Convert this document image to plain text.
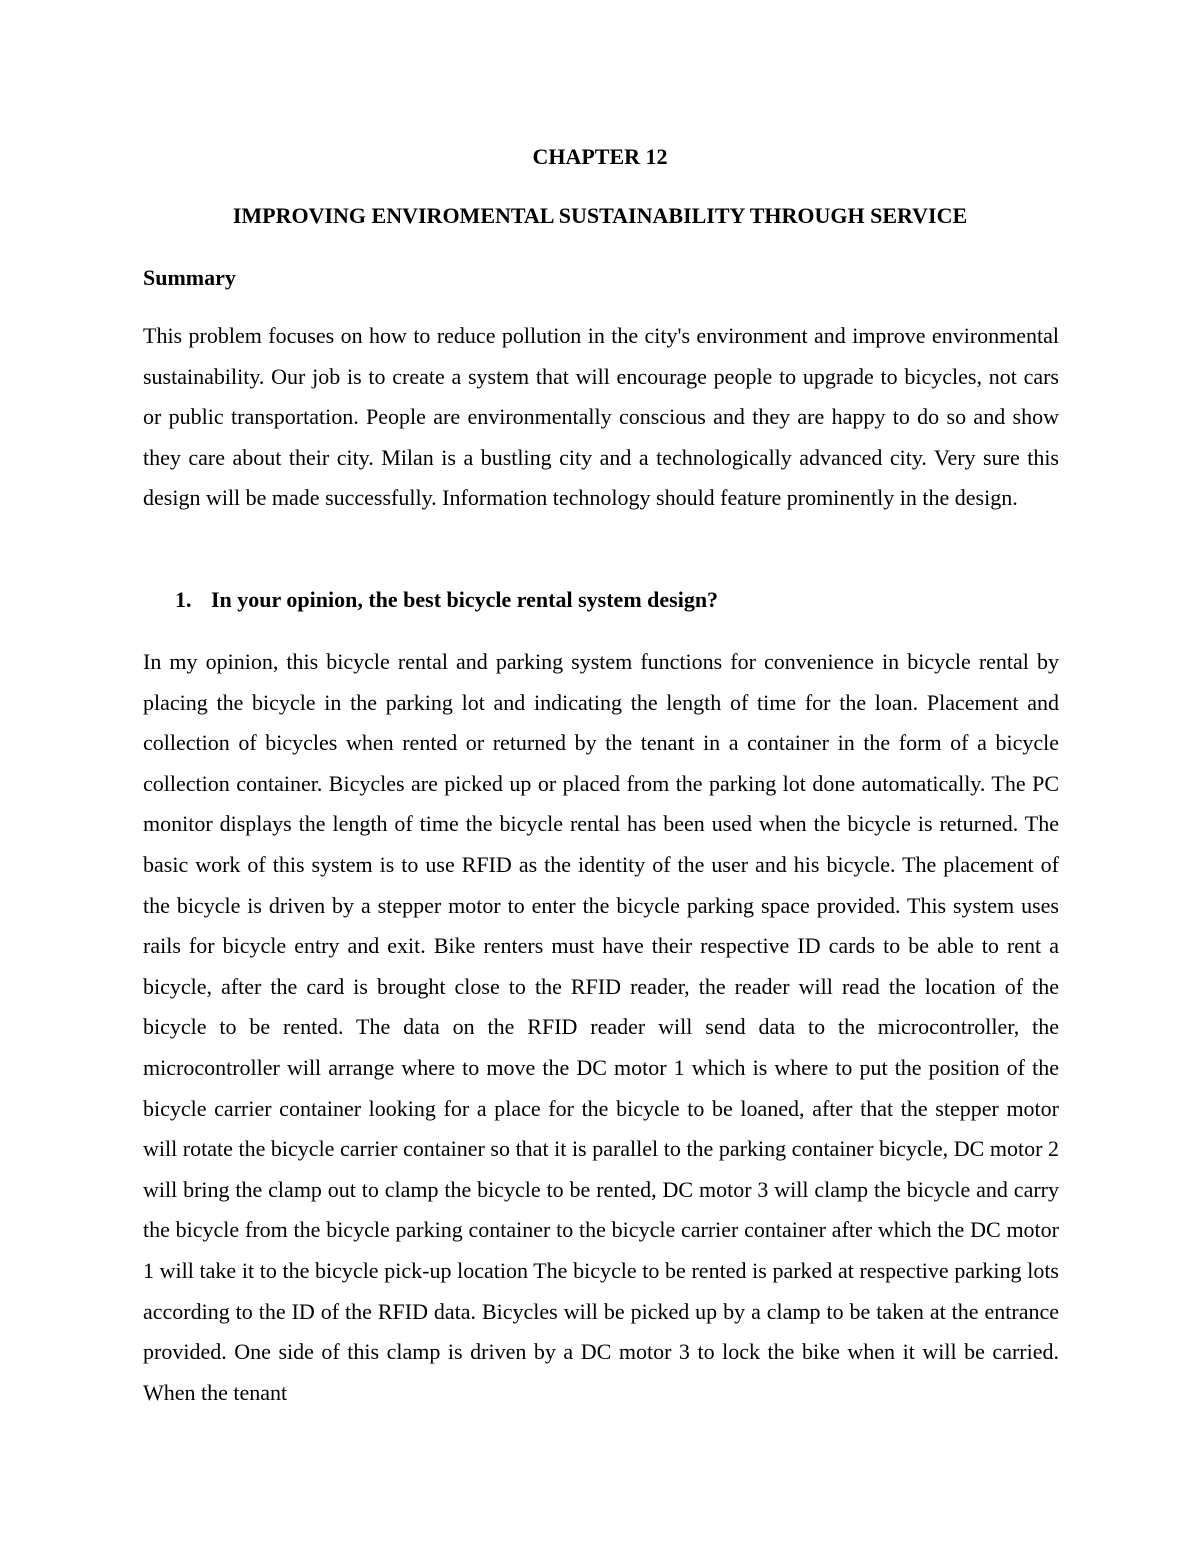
CHAPTER 12
IMPROVING ENVIROMENTAL SUSTAINABILITY THROUGH SERVICE
Summary

This problem focuses on how to reduce pollution in the city's environment and improve environmental sustainability. Our job is to create a system that will encourage people to upgrade to bicycles, not cars or public transportation. People are environmentally conscious and they are happy to do so and show they care about their city. Milan is a bustling city and a technologically advanced city. Very sure this design will be made successfully. Information technology should feature prominently in the design.

1. In your opinion, the best bicycle rental system design?

In my opinion, this bicycle rental and parking system functions for convenience in bicycle rental by placing the bicycle in the parking lot and indicating the length of time for the loan. Placement and collection of bicycles when rented or returned by the tenant in a container in the form of a bicycle collection container. Bicycles are picked up or placed from the parking lot done automatically. The PC monitor displays the length of time the bicycle rental has been used when the bicycle is returned. The basic work of this system is to use RFID as the identity of the user and his bicycle. The placement of the bicycle is driven by a stepper motor to enter the bicycle parking space provided. This system uses rails for bicycle entry and exit. Bike renters must have their respective ID cards to be able to rent a bicycle, after the card is brought close to the RFID reader, the reader will read the location of the bicycle to be rented. The data on the RFID reader will send data to the microcontroller, the microcontroller will arrange where to move the DC motor 1 which is where to put the position of the bicycle carrier container looking for a place for the bicycle to be loaned, after that the stepper motor will rotate the bicycle carrier container so that it is parallel to the parking container bicycle, DC motor 2 will bring the clamp out to clamp the bicycle to be rented, DC motor 3 will clamp the bicycle and carry the bicycle from the bicycle parking container to the bicycle carrier container after which the DC motor 1 will take it to the bicycle pick-up location The bicycle to be rented is parked at respective parking lots according to the ID of the RFID data. Bicycles will be picked up by a clamp to be taken at the entrance provided. One side of this clamp is driven by a DC motor 3 to lock the bike when it will be carried. When the tenant
